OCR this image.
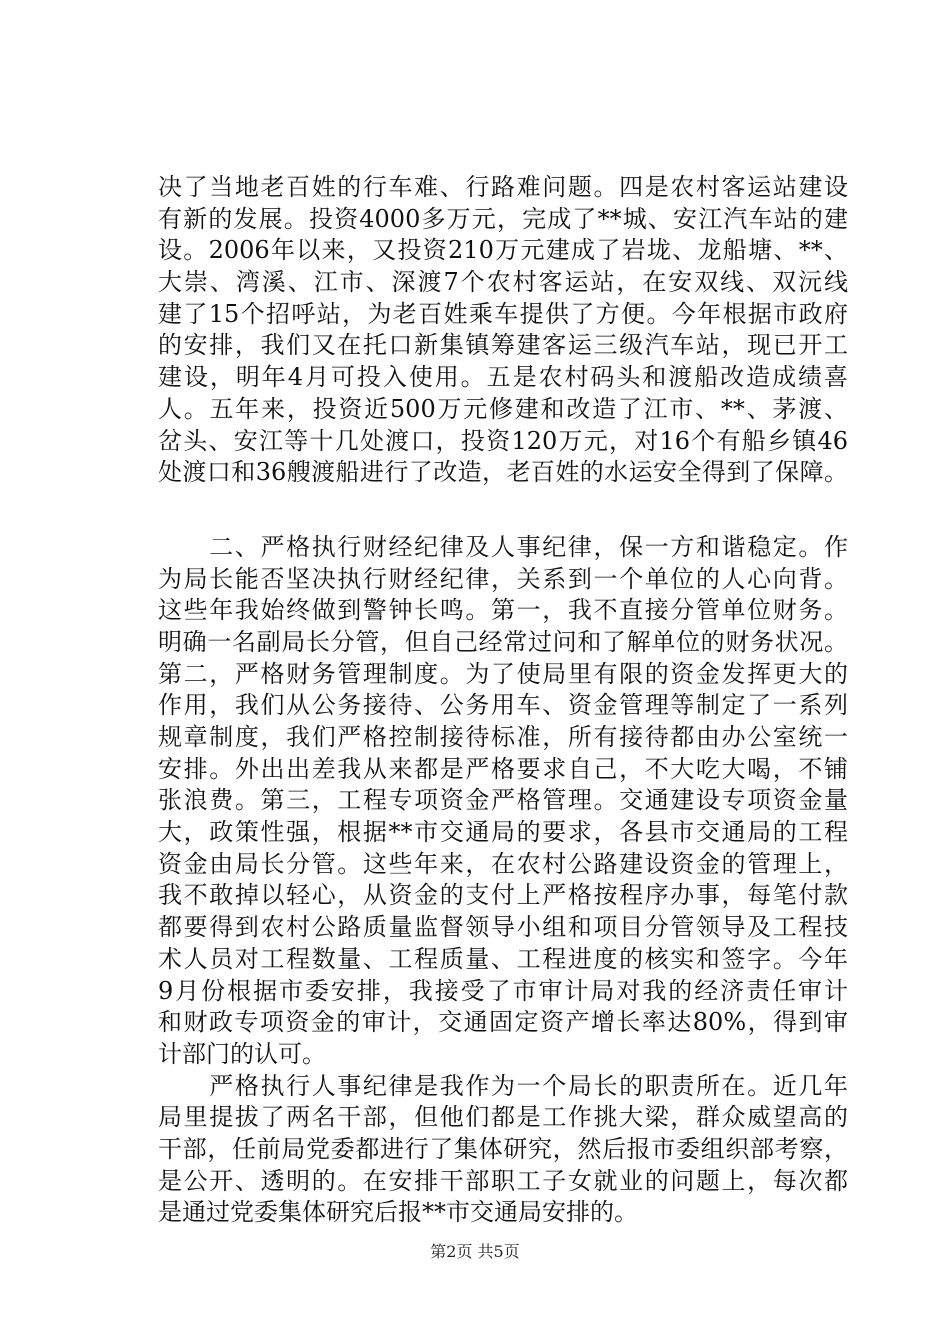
决了当地老百姓的行车难、行路难问题。四是农村客运站建设
有新的发展。投资4000多万元，完成了**城、安江汽车站的建
设。2006年以来，又投资210万元建成了岩垅、龙船塘、**、
大崇、湾溪、江市、深渡7个农村客运站，在安双线、双沅线
建了15个招呼站，为老百姓乘车提供了方便。今年根据市政府
的安排，我们又在托口新集镇筹建客运三级汽车站，现已开工
建设，明年4月可投入使用。五是农村码头和渡船改造成绩喜
人。五年来，投资近500万元修建和改造了江市、**、茅渡、
岔头、安江等十几处渡口，投资120万元，对16个有船乡镇46
处渡口和36艘渡船进行了改造，老百姓的水运安全得到了保障。
　　二、严格执行财经纪律及人事纪律，保一方和谐稳定。作
为局长能否坚决执行财经纪律，关系到一个单位的人心向背。
这些年我始终做到警钟长鸣。第一，我不直接分管单位财务。
明确一名副局长分管，但自己经常过问和了解单位的财务状况。
第二，严格财务管理制度。为了使局里有限的资金发挥更大的
作用，我们从公务接待、公务用车、资金管理等制定了一系列
规章制度，我们严格控制接待标准，所有接待都由办公室统一
安排。外出出差我从来都是严格要求自己，不大吃大喝，不铺
张浪费。第三，工程专项资金严格管理。交通建设专项资金量
大，政策性强，根据**市交通局的要求，各县市交通局的工程
资金由局长分管。这些年来，在农村公路建设资金的管理上，
我不敢掉以轻心，从资金的支付上严格按程序办事，每笔付款
都要得到农村公路质量监督领导小组和项目分管领导及工程技
术人员对工程数量、工程质量、工程进度的核实和签字。今年
9月份根据市委安排，我接受了市审计局对我的经济责任审计
和财政专项资金的审计，交通固定资产增长率达80%，得到审
计部门的认可。
　　严格执行人事纪律是我作为一个局长的职责所在。近几年
局里提拔了两名干部，但他们都是工作挑大梁，群众威望高的
干部，任前局党委都进行了集体研究，然后报市委组织部考察，
是公开、透明的。在安排干部职工子女就业的问题上，每次都
是通过党委集体研究后报**市交通局安排的。
第2页 共5页
